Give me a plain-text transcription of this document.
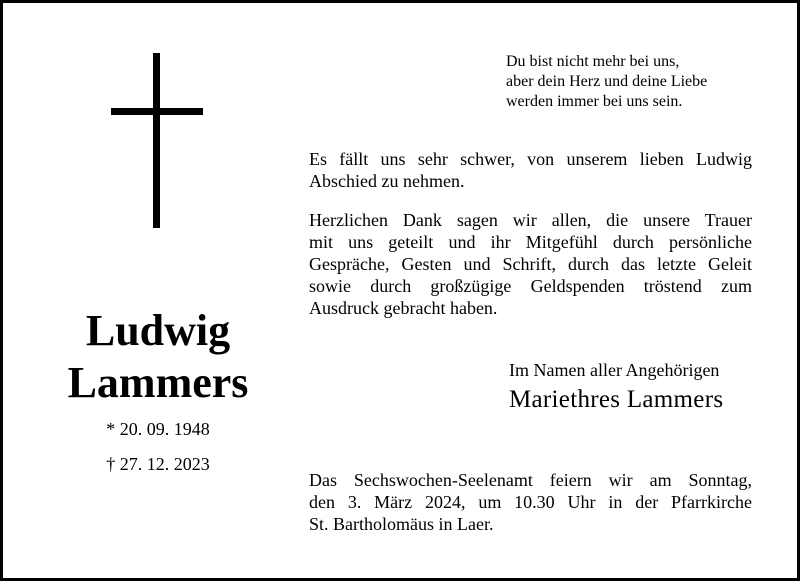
Ludwig
Lammers
* 20. 09. 1948
† 27. 12. 2023
Du bist nicht mehr bei uns,
aber dein Herz und deine Liebe
werden immer bei uns sein.
Es fällt uns sehr schwer, von unserem lieben Ludwig
Abschied zu nehmen.
Herzlichen Dank sagen wir allen, die unsere Trauer
mit uns geteilt und ihr Mitgefühl durch persönliche
Gespräche, Gesten und Schrift, durch das letzte Geleit
sowie durch großzügige Geldspenden tröstend zum
Ausdruck gebracht haben.
Im Namen aller Angehörigen
Mariethres Lammers
Das Sechswochen-Seelenamt feiern wir am Sonntag,
den 3. März 2024, um 10.30 Uhr in der Pfarrkirche
St. Bartholomäus in Laer.
